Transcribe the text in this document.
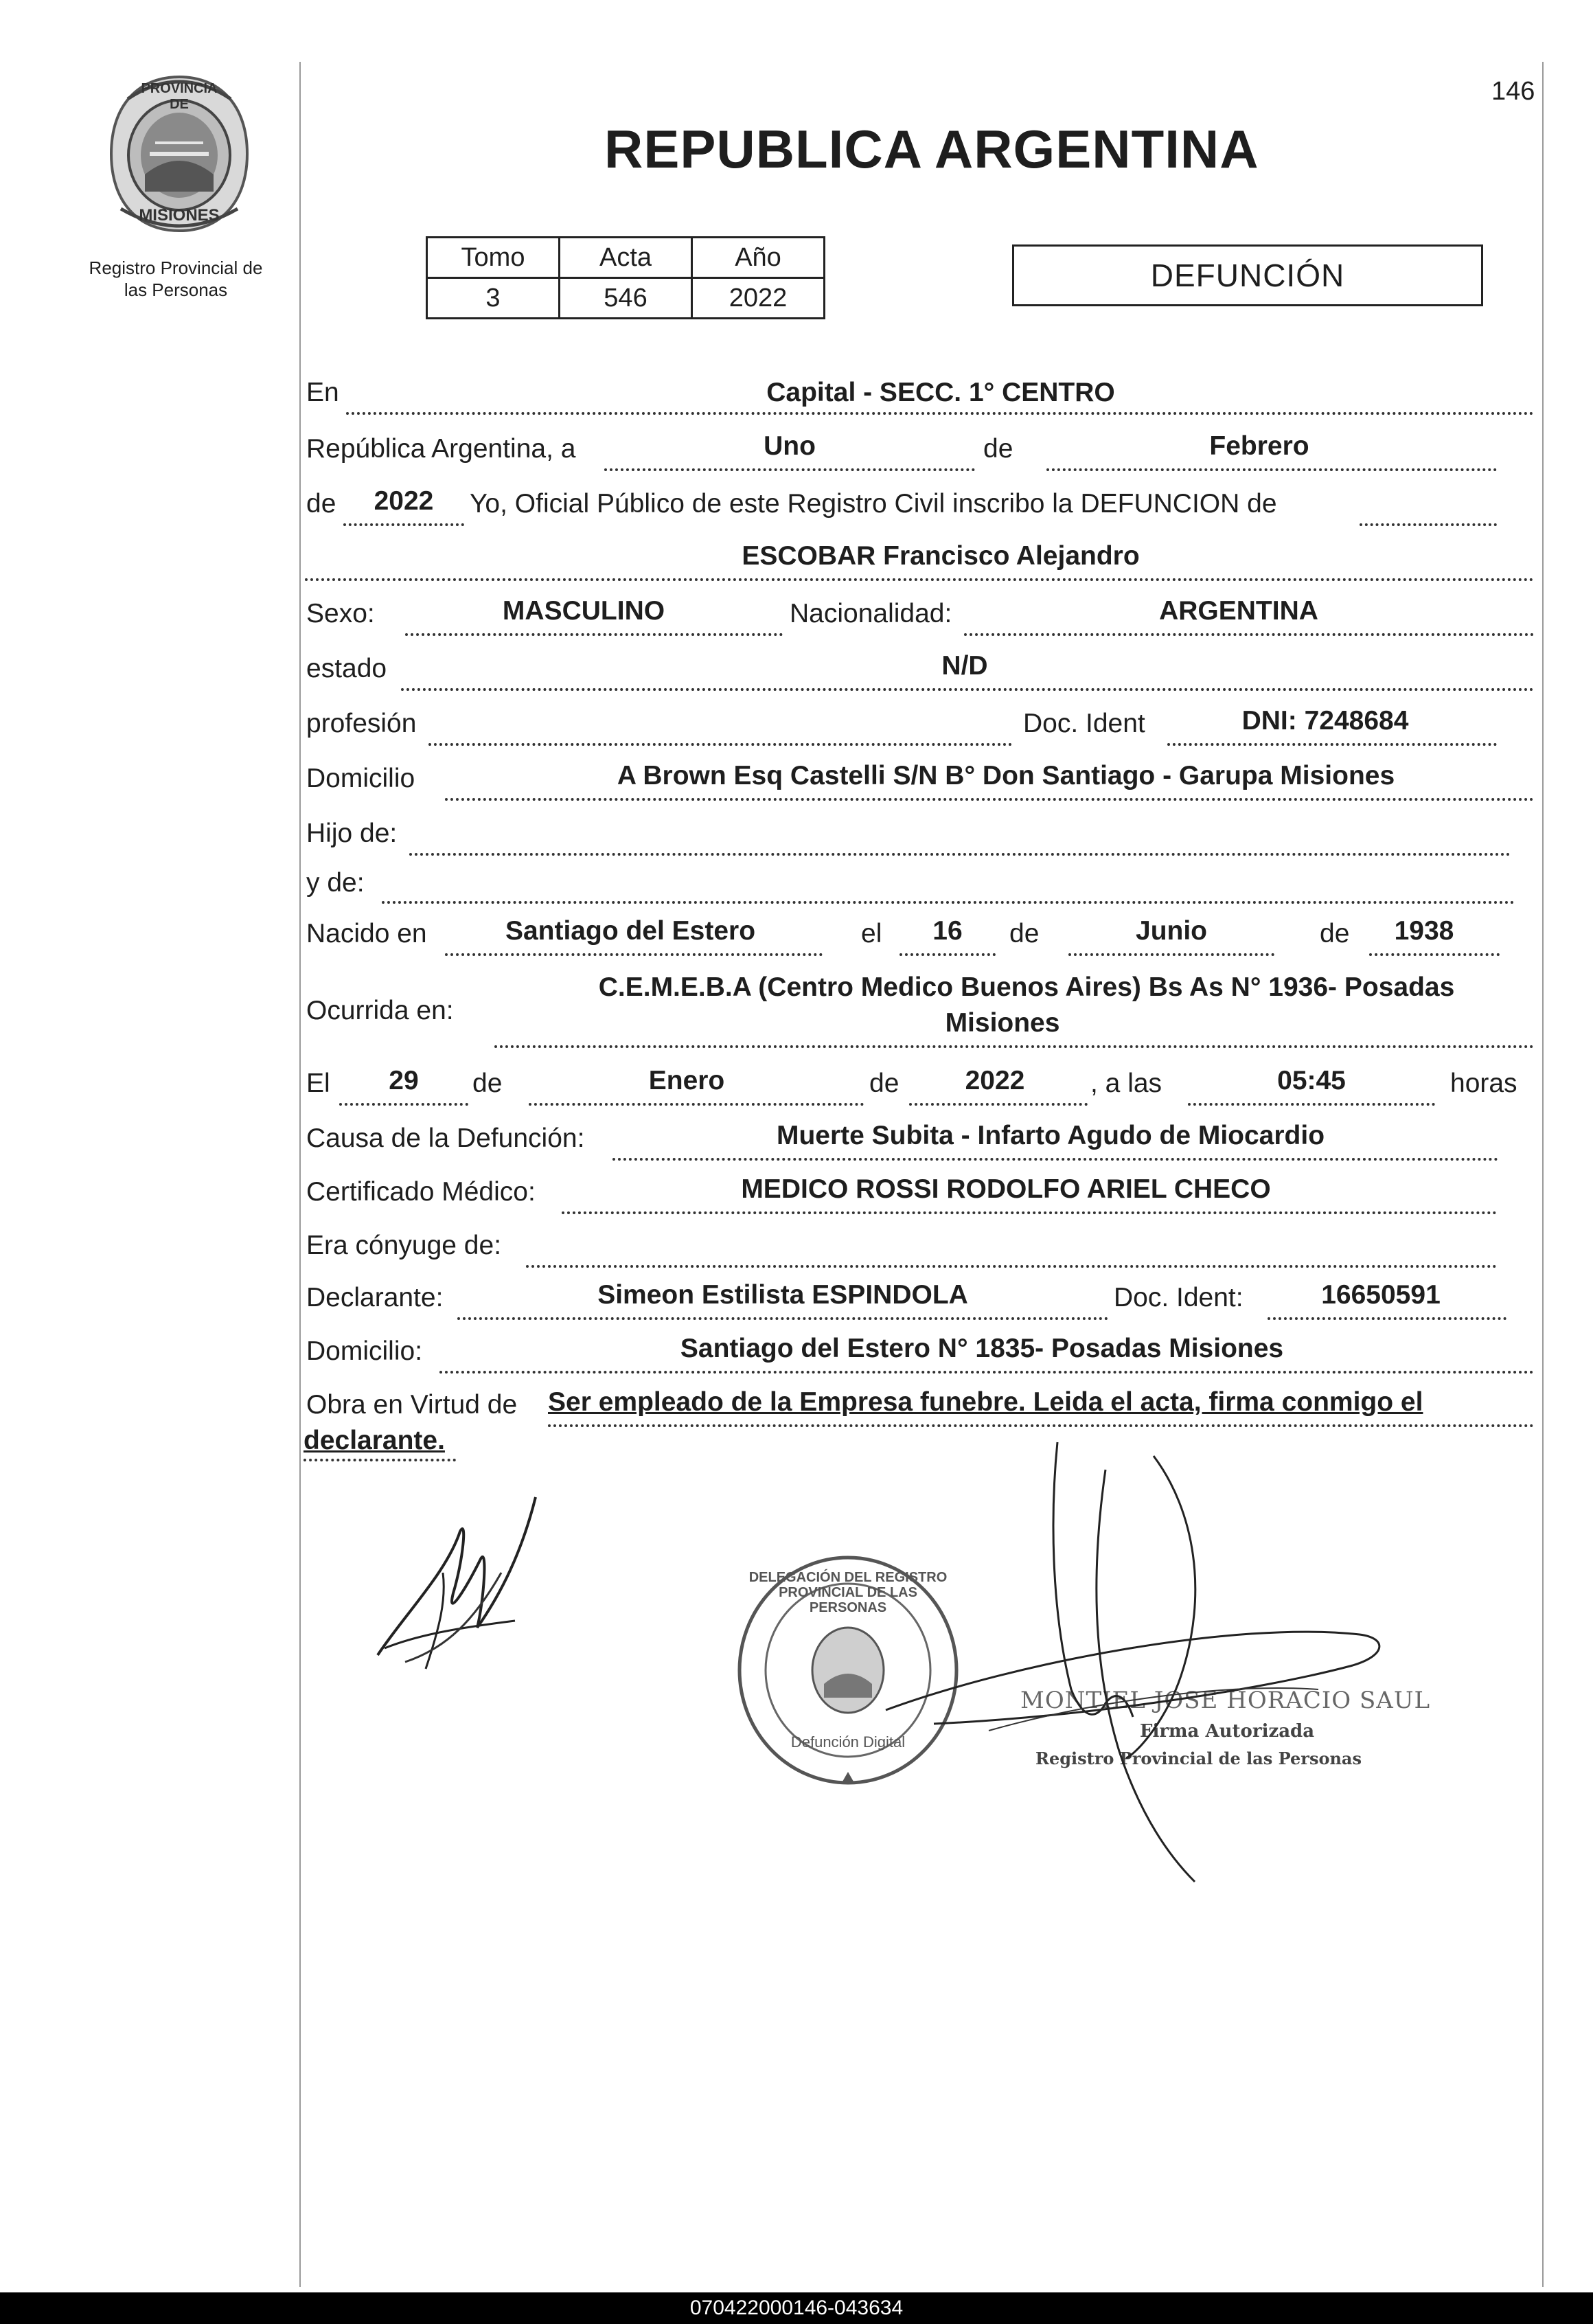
PROVINCIA DE
MISIONES
Registro Provincial de
las Personas
146
REPUBLICA ARGENTINA
Tomo	Acta	Año
3	546	2022
DEFUNCIÓN
En	Capital - SECC. 1° CENTRO
República Argentina, a	Uno	de	Febrero
de	2022	Yo, Oficial Público de este Registro Civil inscribo la DEFUNCION de
ESCOBAR Francisco Alejandro
Sexo:	MASCULINO	Nacionalidad:	ARGENTINA
estado	N/D
profesión	Doc. Ident	DNI: 7248684
Domicilio	A Brown Esq Castelli S/N B° Don Santiago - Garupa Misiones
Hijo de:
y de:
Nacido en	Santiago del Estero	el	16	de	Junio	de	1938
Ocurrida en:
C.E.M.E.B.A (Centro Medico Buenos Aires) Bs As N° 1936- Posadas
Misiones
El	29	de	Enero	de	2022	, a las	05:45	horas
Causa de la Defunción:	Muerte Subita - Infarto Agudo de Miocardio
Certificado Médico:	MEDICO ROSSI RODOLFO ARIEL CHECO
Era cónyuge de:
Declarante:	Simeon Estilista ESPINDOLA	Doc. Ident:	16650591
Domicilio:	Santiago del Estero N° 1835- Posadas Misiones
Obra en Virtud de Ser empleado de la Empresa funebre. Leida el acta, firma conmigo el
declarante.
DELEGACIÓN DEL REGISTRO PROVINCIAL DE LAS PERSONAS
Defunción Digital
MONTIEL JOSE HORACIO SAUL
Firma Autorizada
Registro Provincial de las Personas
070422000146-043634
